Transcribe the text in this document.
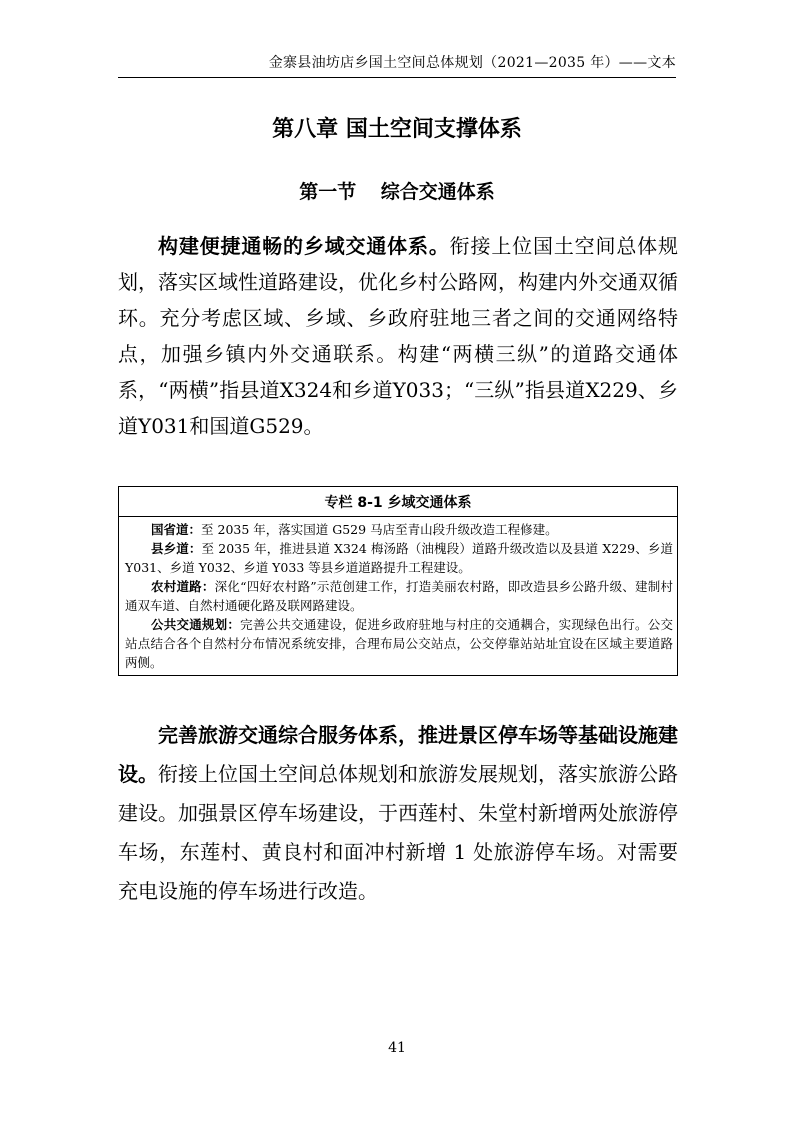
金寨县油坊店乡国土空间总体规划（2021—2035 年）——文本
第八章 国土空间支撑体系
第一节 综合交通体系

构建便捷通畅的乡域交通体系。衔接上位国土空间总体规划，落实区域性道路建设，优化乡村公路网，构建内外交通双循环。充分考虑区域、乡域、乡政府驻地三者之间的交通网络特点，加强乡镇内外交通联系。构建“两横三纵”的道路交通体系，“两横”指县道X324和乡道Y033；“三纵”指县道X229、乡道Y031和国道G529。

专栏 8-1 乡域交通体系

国省道：至 2035 年，落实国道 G529 马店至青山段升级改造工程修建。

县乡道：至 2035 年，推进县道 X324 梅汤路（油槐段）道路升级改造以及县道 X229、乡道 Y031、乡道 Y032、乡道 Y033 等县乡道道路提升工程建设。

农村道路：深化“四好农村路”示范创建工作，打造美丽农村路，即改造县乡公路升级、建制村通双车道、自然村通硬化路及联网路建设。

公共交通规划：完善公共交通建设，促进乡政府驻地与村庄的交通耦合，实现绿色出行。公交站点结合各个自然村分布情况系统安排，合理布局公交站点，公交停靠站站址宜设在区域主要道路两侧。

完善旅游交通综合服务体系，推进景区停车场等基础设施建设。衔接上位国土空间总体规划和旅游发展规划，落实旅游公路建设。加强景区停车场建设，于西莲村、朱堂村新增两处旅游停车场，东莲村、黄良村和面冲村新增 1 处旅游停车场。对需要充电设施的停车场进行改造。

41
